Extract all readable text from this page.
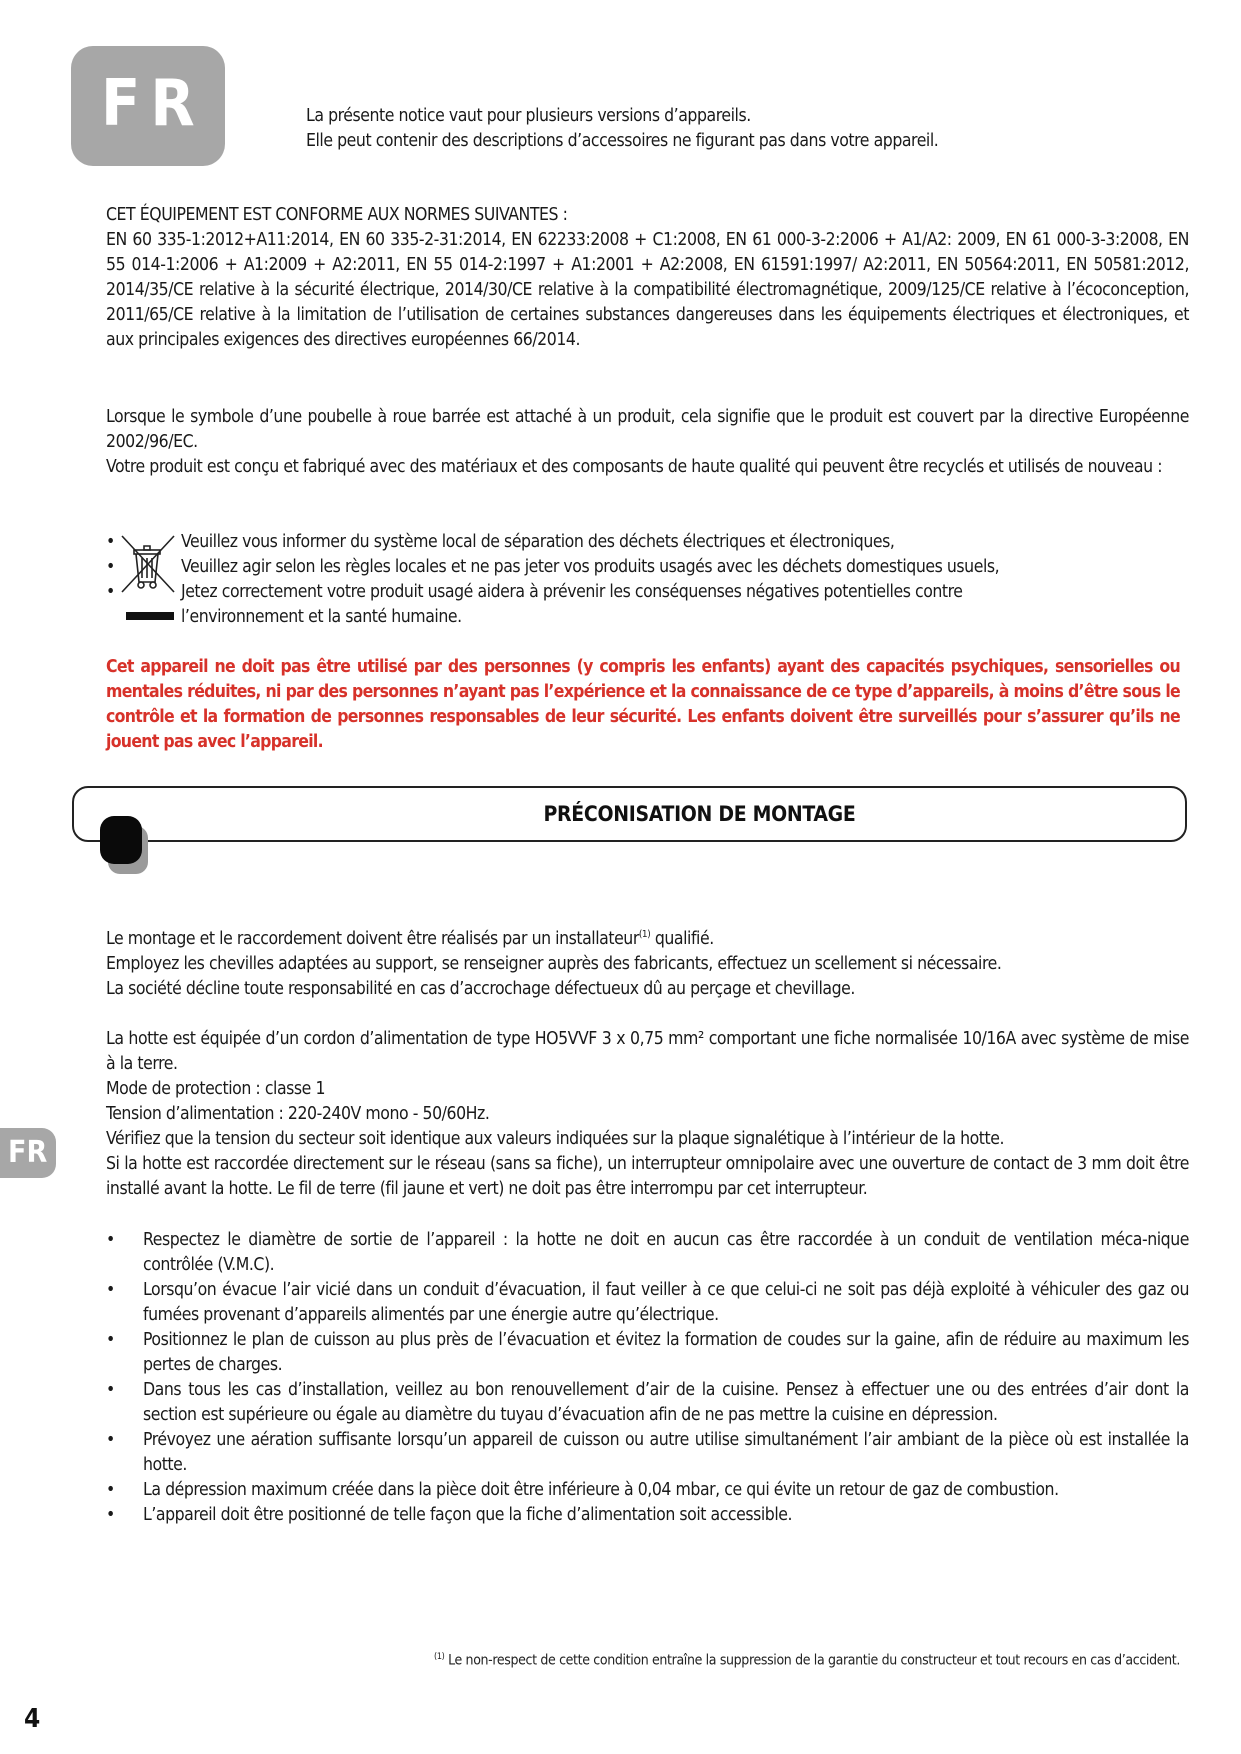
FR	La présente notice vaut pour plusieurs versions d’appareils.
Elle peut contenir des descriptions d’accessoires ne figurant pas dans votre appareil.
CET ÉQUIPEMENT EST CONFORME AUX NORMES SUIVANTES :
EN 60 335-1:2012+A11:2014, EN 60 335-2-31:2014, EN 62233:2008 + C1:2008, EN 61 000-3-2:2006 + A1/A2: 2009, EN 61 000-3-3:2008, EN 55 014-1:2006 + A1:2009 + A2:2011, EN 55 014-2:1997 + A1:2001 + A2:2008, EN 61591:1997/ A2:2011, EN 50564:2011, EN 50581:2012, 2014/35/CE relative à la sécurité électrique, 2014/30/CE relative à la compatibilité électromagnétique, 2009/125/CE relative à l’écoconception, 2011/65/CE relative à la limitation de l’utilisation de certaines substances dangereuses dans les équipements électriques et électroniques, et aux principales exigences des directives européennes 66/2014.
Lorsque le symbole d’une poubelle à roue barrée est attaché à un produit, cela signifie que le produit est couvert par la directive Européenne 2002/96/EC.
Votre produit est conçu et fabriqué avec des matériaux et des composants de haute qualité qui peuvent être recyclés et utilisés de nouveau :
•	Veuillez vous informer du système local de séparation des déchets électriques et électroniques,
•	Veuillez agir selon les règles locales et ne pas jeter vos produits usagés avec les déchets domestiques usuels,
•	Jetez correctement votre produit usagé aidera à prévenir les conséquenses négatives potentielles contre
l’environnement et la santé humaine.
Cet appareil ne doit pas être utilisé par des personnes (y compris les enfants) ayant des capacités psychiques, sensorielles ou mentales réduites, ni par des personnes n’ayant pas l’expérience et la connaissance de ce type d’appareils, à moins d’être sous le contrôle et la formation de personnes responsables de leur sécurité. Les enfants doivent être surveillés pour s’assurer qu’ils ne jouent pas avec l’appareil.
PRÉCONISATION DE MONTAGE
Le montage et le raccordement doivent être réalisés par un installateur$^{(1)}$ qualifié.
Employez les chevilles adaptées au support, se renseigner auprès des fabricants, effectuez un scellement si nécessaire.
La société décline toute responsabilité en cas d’accrochage défectueux dû au perçage et chevillage.
La hotte est équipée d’un cordon d’alimentation de type HO5VVF 3 x 0,75 mm² comportant une fiche normalisée 10/16A avec système de mise à la terre.
Mode de protection : classe 1
Tension d’alimentation : 220-240V mono - 50/60Hz.
Vérifiez que la tension du secteur soit identique aux valeurs indiquées sur la plaque signalétique à l’intérieur de la hotte.
Si la hotte est raccordée directement sur le réseau (sans sa fiche), un interrupteur omnipolaire avec une ouverture de contact de 3 mm doit être installé avant la hotte. Le fil de terre (fil jaune et vert) ne doit pas être interrompu par cet interrupteur.
FR
• Respectez le diamètre de sortie de l’appareil : la hotte ne doit en aucun cas être raccordée à un conduit de ventilation méca-nique contrôlée (V.M.C).
• Lorsqu’on évacue l’air vicié dans un conduit d’évacuation, il faut veiller à ce que celui-ci ne soit pas déjà exploité à véhiculer des gaz ou fumées provenant d’appareils alimentés par une énergie autre qu’électrique.
• Positionnez le plan de cuisson au plus près de l’évacuation et évitez la formation de coudes sur la gaine, afin de réduire au maximum les pertes de charges.
• Dans tous les cas d’installation, veillez au bon renouvellement d’air de la cuisine. Pensez à effectuer une ou des entrées d’air dont la section est supérieure ou égale au diamètre du tuyau d’évacuation afin de ne pas mettre la cuisine en dépression.
• Prévoyez une aération suffisante lorsqu’un appareil de cuisson ou autre utilise simultanément l’air ambiant de la pièce où est installée la hotte.
• La dépression maximum créée dans la pièce doit être inférieure à 0,04 mbar, ce qui évite un retour de gaz de combustion.
• L’appareil doit être positionné de telle façon que la fiche d’alimentation soit accessible.
$^{(1)}$ Le non-respect de cette condition entraîne la suppression de la garantie du constructeur et tout recours en cas d’accident.
4
